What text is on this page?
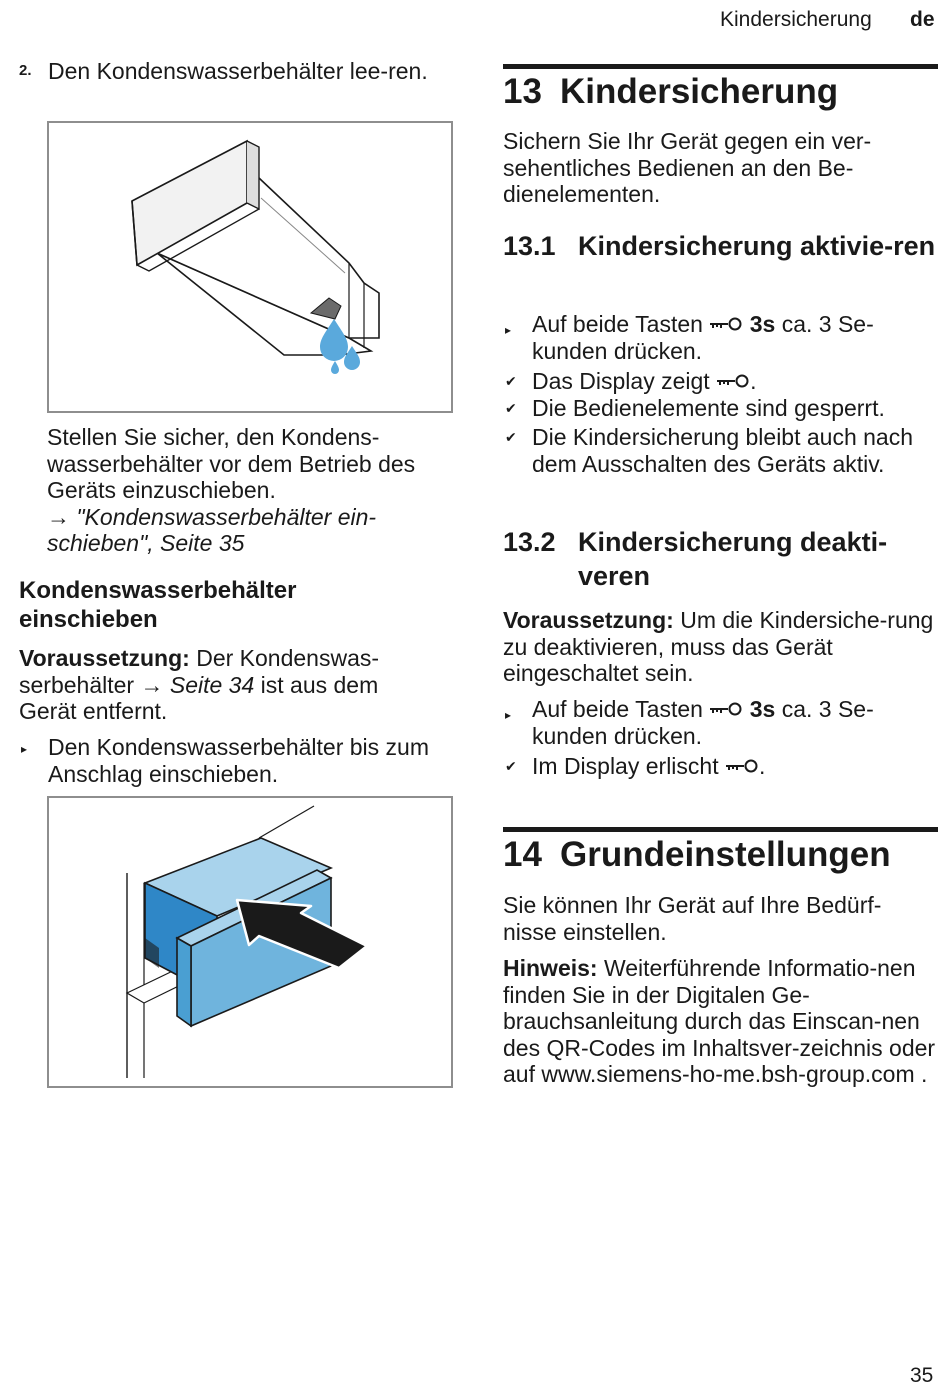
Kindersicherung de
2. Den Kondenswasserbehälter lee-ren.
Stellen Sie sicher, den Kondens-wasserbehälter vor dem Betrieb des Geräts einzuschieben.
→ "Kondenswasserbehälter ein-schieben", Seite 35
Kondenswasserbehälter
einschieben
Voraussetzung: Der Kondenswas-serbehälter → Seite 34 ist aus dem Gerät entfernt.
▸ Den Kondenswasserbehälter bis zum Anschlag einschieben.
13 Kindersicherung
Sichern Sie Ihr Gerät gegen ein ver-sehentliches Bedienen an den Be-dienelementen.
13.1 Kindersicherung aktivie-ren
▸ Auf beide Tasten 3s ca. 3 Se-kunden drücken.
✔ Das Display zeigt .
✔ Die Bedienelemente sind gesperrt.
✔ Die Kindersicherung bleibt auch nach dem Ausschalten des Geräts aktiv.
13.2 Kindersicherung deakti-veren
Voraussetzung: Um die Kindersiche-rung zu deaktivieren, muss das Gerät eingeschaltet sein.
▸ Auf beide Tasten 3s ca. 3 Se-kunden drücken.
✔ Im Display erlischt .
14 Grundeinstellungen
Sie können Ihr Gerät auf Ihre Bedürf-nisse einstellen.
Hinweis: Weiterführende Informatio-nen finden Sie in der Digitalen Ge-brauchsanleitung durch das Einscan-nen des QR-Codes im Inhaltsver-zeichnis oder auf www.siemens-ho-me.bsh-group.com .
35
